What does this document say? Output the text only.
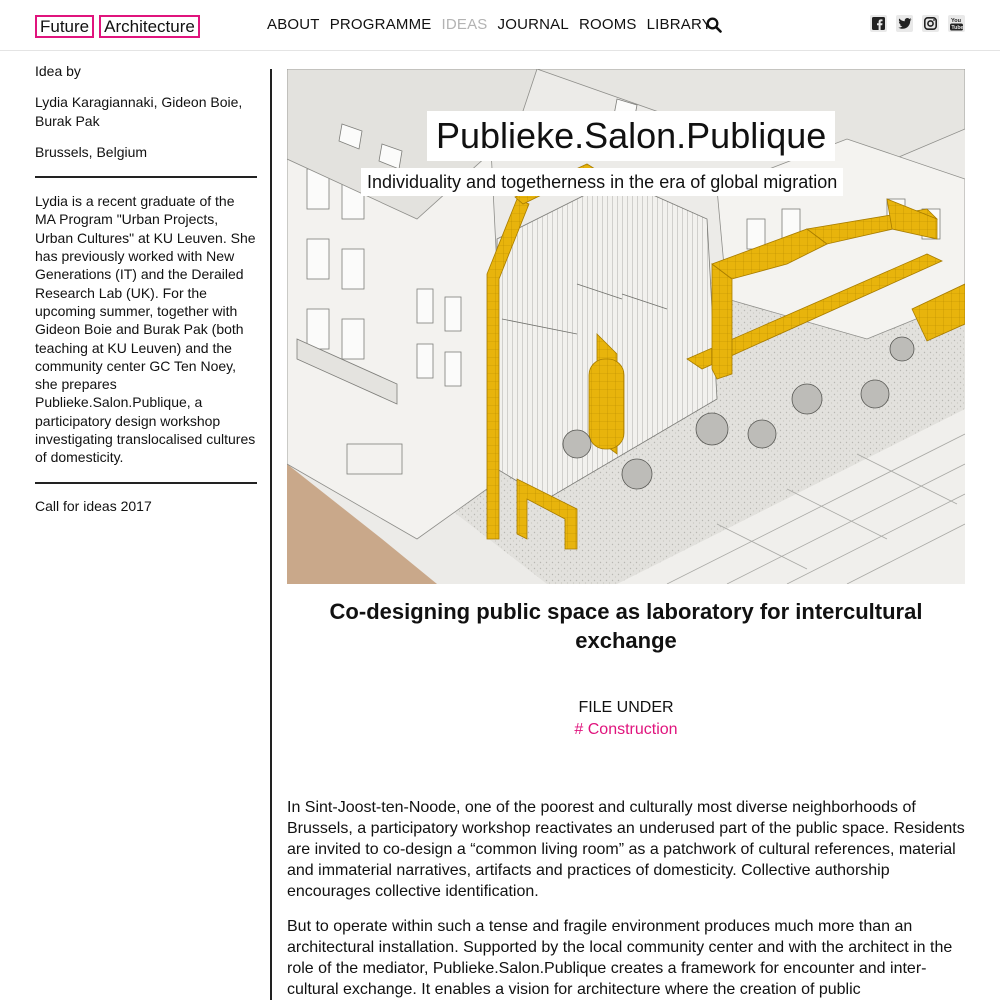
Future Architecture	ABOUT PROGRAMME IDEAS JOURNAL ROOMS LIBRARY	You
Tube
Idea by
Lydia Karagiannaki, Gideon Boie, Burak Pak
Brussels, Belgium
Lydia is a recent graduate of the MA Program "Urban Projects, Urban Cultures" at KU Leuven. She has previously worked with New Generations (IT) and the Derailed Research Lab (UK). For the upcoming summer, together with Gideon Boie and Burak Pak (both teaching at KU Leuven) and the community center GC Ten Noey, she prepares Publieke.Salon.Publique, a participatory design workshop investigating translocalised cultures of domesticity.
Call for ideas 2017
Publieke.Salon.Publique
Individuality and togetherness in the era of global migration
Co-designing public space as laboratory for intercultural exchange
FILE UNDER
# Construction

In Sint-Joost-ten-Noode, one of the poorest and culturally most diverse neighborhoods of Brussels, a participatory workshop reactivates an underused part of the public space. Residents are invited to co-design a “common living room” as a patchwork of cultural references, material and immaterial narratives, artifacts and practices of domesticity. Collective authorship encourages collective identification.

But to operate within such a tense and fragile environment produces much more than an architectural installation. Supported by the local community center and with the architect in the role of the mediator, Publieke.Salon.Publique creates a framework for encounter and inter-cultural exchange. It enables a vision for architecture where the creation of public
